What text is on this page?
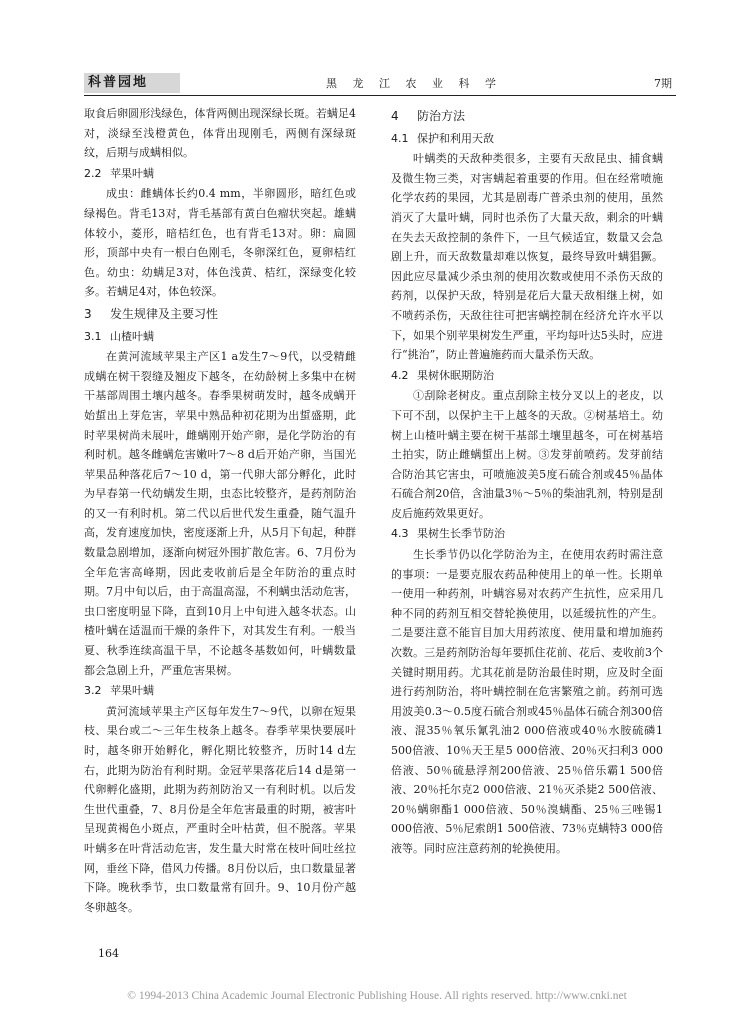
科普园地	黑 龙 江 农 业 科 学	7期

取食后卵圆形浅绿色，体背两侧出现深绿长斑。若螨足4对，淡绿至浅橙黄色，体背出现刚毛，两侧有深绿斑纹，后期与成螨相似。

2.2 苹果叶螨

成虫：雌螨体长约0.4 mm，半卵圆形，暗红色或绿褐色。背毛13对，背毛基部有黄白色瘤状突起。雄螨体较小，菱形，暗桔红色，也有背毛13对。卵：扁圆形，顶部中央有一根白色刚毛，冬卵深红色，夏卵桔红色。幼虫：幼螨足3对，体色浅黄、桔红，深绿变化较多。若螨足4对，体色较深。

3 发生规律及主要习性
3.1 山楂叶螨

在黄河流域苹果主产区1 a发生7～9代，以受精雌成螨在树干裂缝及翘皮下越冬，在幼龄树上多集中在树干基部周围土壤内越冬。春季果树萌发时，越冬成螨开始蜇出上芽危害，苹果中熟品种初花期为出蜇盛期，此时苹果树尚未展叶，雌螨刚开始产卵，是化学防治的有利时机。越冬雌螨危害嫩叶7～8 d后开始产卵，当国光苹果品种落花后7～10 d，第一代卵大部分孵化，此时为早春第一代幼螨发生期，虫态比较整齐，是药剂防治的又一有利时机。第二代以后世代发生重叠，随气温升高，发育速度加快，密度逐渐上升，从5月下旬起，种群数量急剧增加，逐渐向树冠外围扩散危害。6、7月份为全年危害高峰期，因此麦收前后是全年防治的重点时期。7月中旬以后，由于高温高湿，不利螨虫活动危害，虫口密度明显下降，直到10月上中旬进入越冬状态。山楂叶螨在适温而干燥的条件下，对其发生有利。一般当夏、秋季连续高温干旱，不论越冬基数如何，叶螨数量都会急剧上升，严重危害果树。

3.2 苹果叶螨

黄河流域苹果主产区每年发生7～9代，以卵在短果枝、果台或二～三年生枝条上越冬。春季苹果快要展叶时，越冬卵开始孵化，孵化期比较整齐，历时14 d左右，此期为防治有利时期。金冠苹果落花后14 d是第一代卵孵化盛期，此期为药剂防治又一有利时机。以后发生世代重叠，7、8月份是全年危害最重的时期，被害叶呈现黄褐色小斑点，严重时全叶枯黄，但不脱落。苹果叶螨多在叶背活动危害，发生量大时常在枝叶间吐丝拉网，垂丝下降，借风力传播。8月份以后，虫口数量显著下降。晚秋季节，虫口数量常有回升。9、10月份产越冬卵越冬。

4 防治方法
4.1 保护和利用天敌

叶螨类的天敌种类很多，主要有天敌昆虫、捕食螨及微生物三类，对害螨起着重要的作用。但在经常喷施化学农药的果园，尤其是剧毒广普杀虫剂的使用，虽然消灭了大量叶螨，同时也杀伤了大量天敌，剩余的叶螨在失去天敌控制的条件下，一旦气候适宜，数量又会急剧上升，而天敌数量却难以恢复，最终导致叶螨猖獗。因此应尽量减少杀虫剂的使用次数或使用不杀伤天敌的药剂，以保护天敌，特别是花后大量天敌相继上树，如不喷药杀伤，天敌往往可把害螨控制在经济允许水平以下，如果个别苹果树发生严重，平均每叶达5头时，应进行“挑治”，防止普遍施药而大量杀伤天敌。

4.2 果树休眠期防治

①刮除老树皮。重点刮除主枝分叉以上的老皮，以下可不刮，以保护主干上越冬的天敌。②树基培土。幼树上山楂叶螨主要在树干基部土壤里越冬，可在树基培土拍实，防止雌螨蜇出上树。③发芽前喷药。发芽前结合防治其它害虫，可喷施波美5度石硫合剂或45％晶体石硫合剂20倍，含油量3％～5％的柴油乳剂，特别是刮皮后施药效果更好。

4.3 果树生长季节防治

生长季节仍以化学防治为主，在使用农药时需注意的事项：一是要克服农药品种使用上的单一性。长期单一使用一种药剂，叶螨容易对农药产生抗性，应采用几种不同的药剂互相交替轮换使用，以延缓抗性的产生。二是要注意不能盲目加大用药浓度、使用量和增加施药次数。三是药剂防治每年要抓住花前、花后、麦收前3个关键时期用药。尤其花前是防治最佳时期，应及时全面进行药剂防治，将叶螨控制在危害繁殖之前。药剂可选用波美0.3～0.5度石硫合剂或45％晶体石硫合剂300倍液、混35％氧乐氰乳油2 000倍液或40％水胺硫磷1 500倍液、10％天王星5 000倍液、20％灭扫利3 000倍液、50％硫悬浮剂200倍液、25％倍乐霸1 500倍液、20％托尔克2 000倍液、21％灭杀毙2 500倍液、20％螨卵酯1 000倍液、50％溴螨酯、25％三唑锡1 000倍液、5％尼索朗1 500倍液、73％克螨特3 000倍液等。同时应注意药剂的轮换使用。

164
© 1994-2013 China Academic Journal Electronic Publishing House. All rights reserved. http://www.cnki.net
